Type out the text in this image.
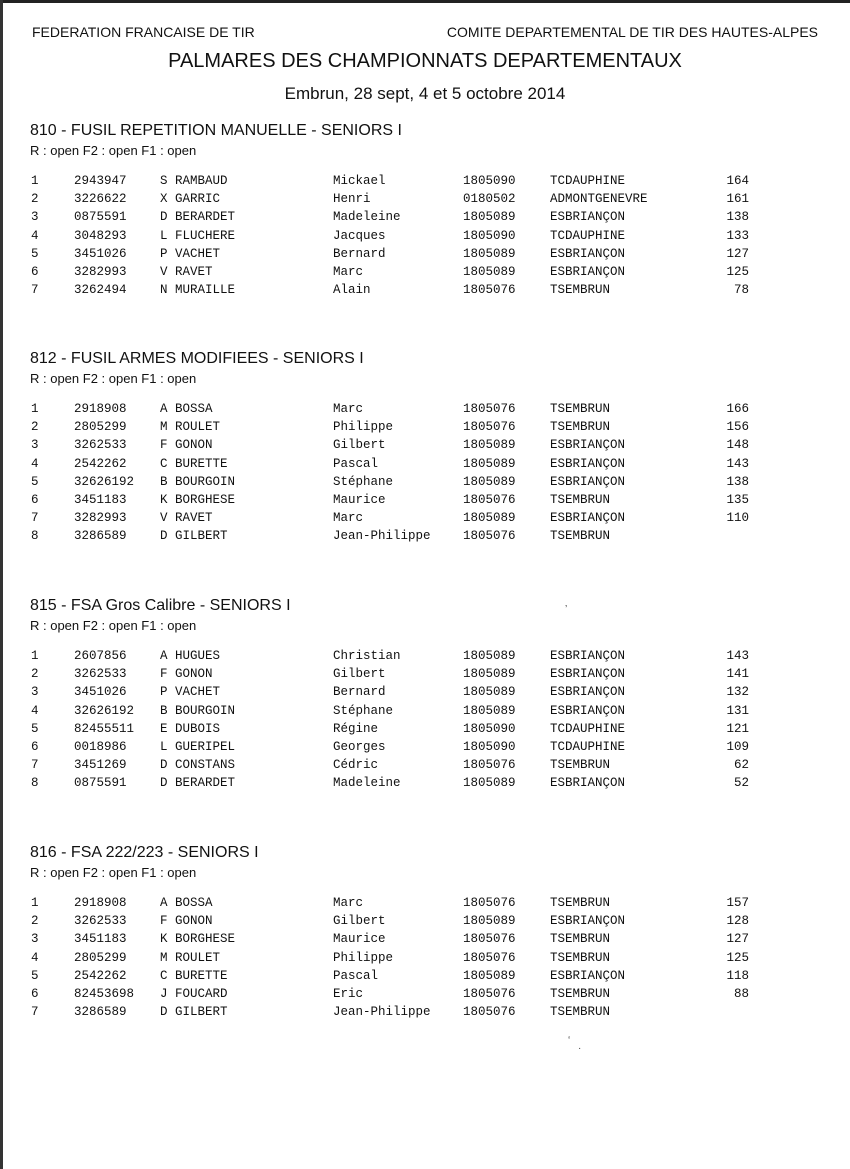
FEDERATION FRANCAISE DE TIR	COMITE DEPARTEMENTAL DE TIR DES HAUTES-ALPES
PALMARES DES CHAMPIONNATS DEPARTEMENTAUX
Embrun, 28 sept, 4 et 5 octobre 2014
810 - FUSIL REPETITION MANUELLE - SENIORS I
R : open F2 : open F1 : open
1	2943947	S RAMBAUD	Mickael	1805090	TCDAUPHINE	164
2	3226622	X GARRIC	Henri	0180502	ADMONTGENEVRE	161
3	0875591	D BERARDET	Madeleine	1805089	ESBRIANÇON	138
4	3048293	L FLUCHERE	Jacques	1805090	TCDAUPHINE	133
5	3451026	P VACHET	Bernard	1805089	ESBRIANÇON	127
6	3282993	V RAVET	Marc	1805089	ESBRIANÇON	125
7	3262494	N MURAILLE	Alain	1805076	TSEMBRUN	78
812 - FUSIL ARMES MODIFIEES - SENIORS I
R : open F2 : open F1 : open
1	2918908	A BOSSA	Marc	1805076	TSEMBRUN	166
2	2805299	M ROULET	Philippe	1805076	TSEMBRUN	156
3	3262533	F GONON	Gilbert	1805089	ESBRIANÇON	148
4	2542262	C BURETTE	Pascal	1805089	ESBRIANÇON	143
5	32626192 B BOURGOIN	Stéphane	1805089	ESBRIANÇON	138
6	3451183	K BORGHESE	Maurice	1805076	TSEMBRUN	135
7	3282993	V RAVET	Marc	1805089	ESBRIANÇON	110
8	3286589	D GILBERT	Jean-Philippe	1805076	TSEMBRUN
815 - FSA Gros Calibre - SENIORS I
R : open F2 : open F1 : open
1	2607856	A HUGUES	Christian	1805089	ESBRIANÇON	143
2	3262533	F GONON	Gilbert	1805089	ESBRIANÇON	141
3	3451026	P VACHET	Bernard	1805089	ESBRIANÇON	132
4	32626192 B BOURGOIN	Stéphane	1805089	ESBRIANÇON	131
5	82455511 E DUBOIS	Régine	1805090	TCDAUPHINE	121
6	0018986	L GUERIPEL	Georges	1805090	TCDAUPHINE	109
7	3451269	D CONSTANS	Cédric	1805076	TSEMBRUN	62
8	0875591	D BERARDET	Madeleine	1805089	ESBRIANÇON	52
816 - FSA 222/223 - SENIORS I
R : open F2 : open F1 : open
1	2918908	A BOSSA	Marc	1805076	TSEMBRUN	157
2	3262533	F GONON	Gilbert	1805089	ESBRIANÇON	128
3	3451183	K BORGHESE	Maurice	1805076	TSEMBRUN	127
4	2805299	M ROULET	Philippe	1805076	TSEMBRUN	125
5	2542262	C BURETTE	Pascal	1805089	ESBRIANÇON	118
6	82453698 J FOUCARD	Eric	1805076	TSEMBRUN	88
7	3286589	D GILBERT	Jean-Philippe	1805076	TSEMBRUN
’
‘
·
